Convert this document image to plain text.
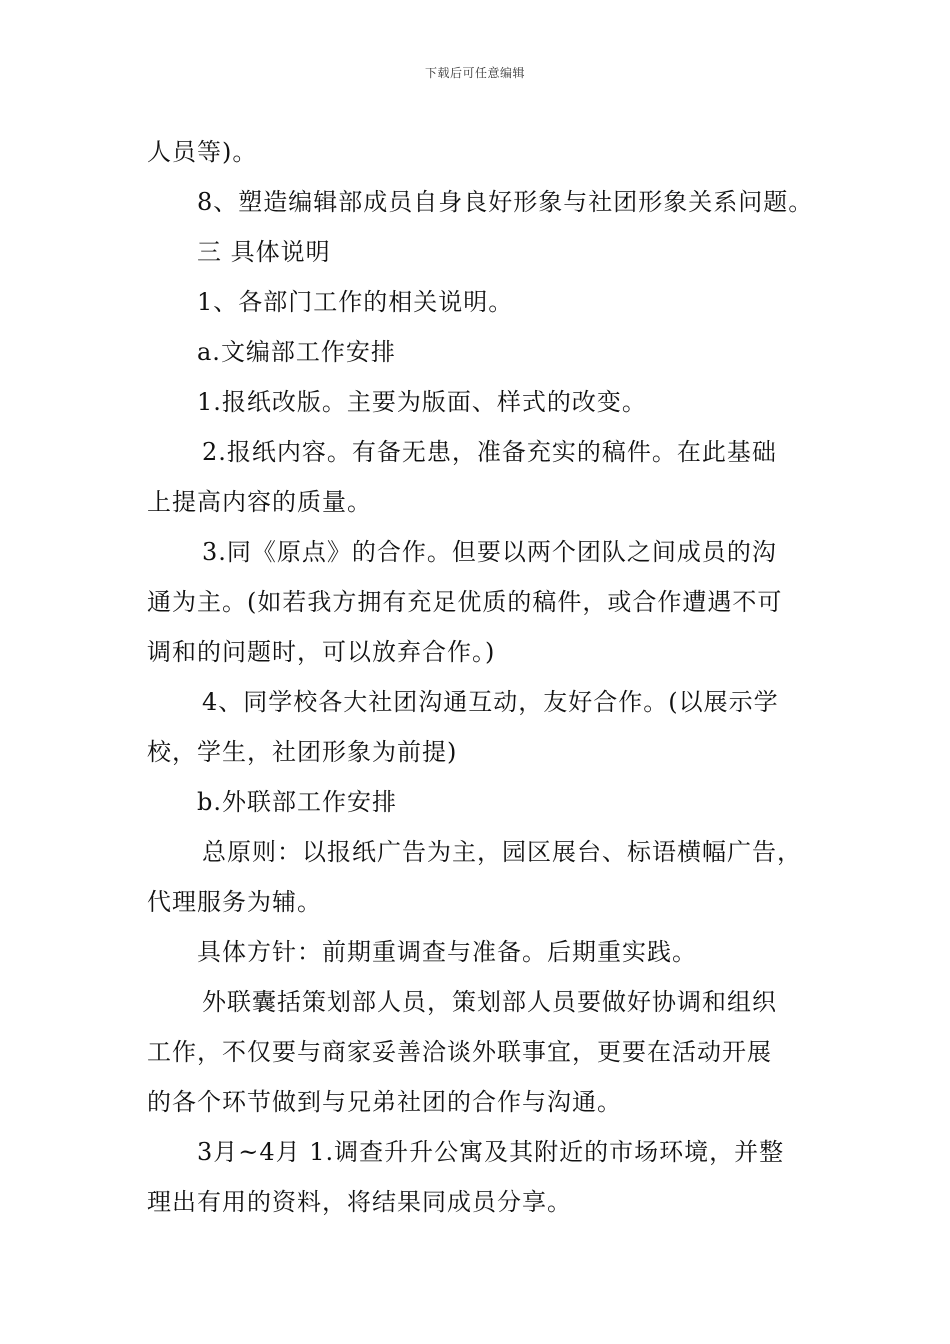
下载后可任意编辑
人员等)。
8、塑造编辑部成员自身良好形象与社团形象关系问题。
三 具体说明
1、各部门工作的相关说明。
a.文编部工作安排
1.报纸改版。主要为版面、样式的改变。
2.报纸内容。有备无患，准备充实的稿件。在此基础
上提高内容的质量。
3.同《原点》的合作。但要以两个团队之间成员的沟
通为主。(如若我方拥有充足优质的稿件，或合作遭遇不可
调和的问题时，可以放弃合作。)
4、同学校各大社团沟通互动，友好合作。(以展示学
校，学生，社团形象为前提)
b.外联部工作安排
总原则：以报纸广告为主，园区展台、标语横幅广告，
代理服务为辅。
具体方针：前期重调查与准备。后期重实践。
外联囊括策划部人员，策划部人员要做好协调和组织
工作，不仅要与商家妥善洽谈外联事宜，更要在活动开展
的各个环节做到与兄弟社团的合作与沟通。
3月~4月 1.调查升升公寓及其附近的市场环境，并整
理出有用的资料，将结果同成员分享。
